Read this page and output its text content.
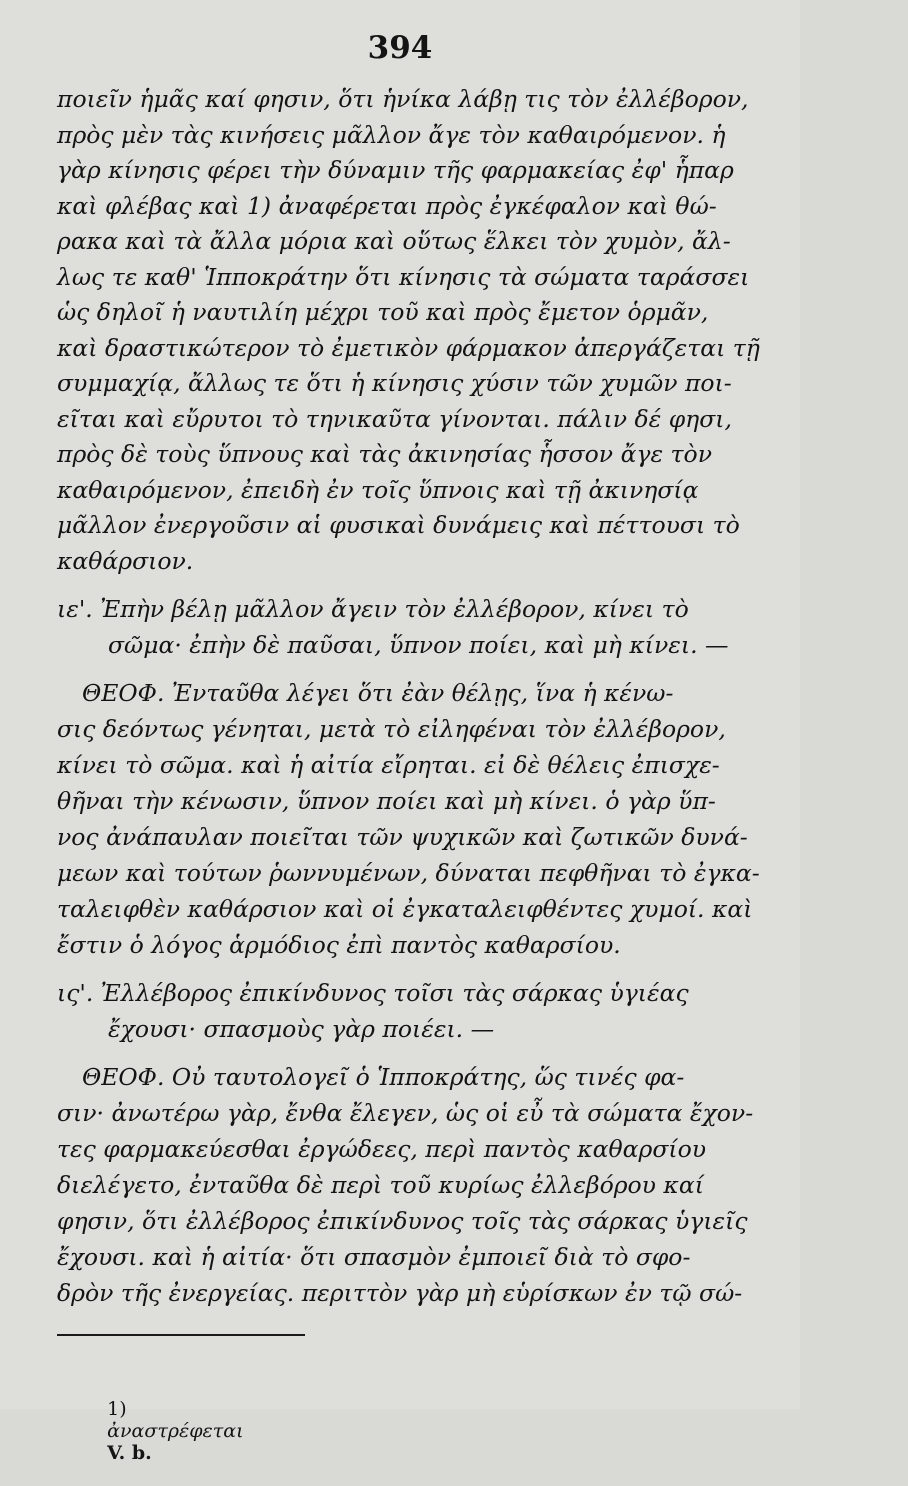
394
ποιεῖν ἡμᾶς καί φησιν, ὅτι ἡνίκα λάβῃ τις τὸν ἐλλέβορον,
πρὸς μὲν τὰς κινήσεις μᾶλλον ἄγε τὸν καθαιρόμενον. ἡ
γὰρ κίνησις φέρει τὴν δύναμιν τῆς φαρμακείας ἐφ' ἧπαρ
καὶ φλέβας καὶ 1) ἀναφέρεται πρὸς ἐγκέφαλον καὶ θώ-
ρακα καὶ τὰ ἄλλα μόρια καὶ οὕτως ἕλκει τὸν χυμὸν, ἄλ-
λως τε καθ' Ἱπποκράτην ὅτι κίνησις τὰ σώματα ταράσσει
ὡς δηλοῖ ἡ ναυτιλίη μέχρι τοῦ καὶ πρὸς ἔμετον ὁρμᾶν,
καὶ δραστικώτερον τὸ ἐμετικὸν φάρμακον ἀπεργάζεται τῇ
συμμαχίᾳ, ἄλλως τε ὅτι ἡ κίνησις χύσιν τῶν χυμῶν ποι-
εῖται καὶ εὔρυτοι τὸ τηνικαῦτα γίνονται. πάλιν δέ φησι,
πρὸς δὲ τοὺς ὕπνους καὶ τὰς ἀκινησίας ἧσσον ἄγε τὸν
καθαιρόμενον, ἐπειδὴ ἐν τοῖς ὕπνοις καὶ τῇ ἀκινησίᾳ
μᾶλλον ἐνεργοῦσιν αἱ φυσικαὶ δυνάμεις καὶ πέττουσι τὸ
καθάρσιον.
ιε'. Ἐπὴν βέλῃ μᾶλλον ἄγειν τὸν ἐλλέβορον, κίνει τὸ
σῶμα· ἐπὴν δὲ παῦσαι, ὕπνον ποίει, καὶ μὴ κίνει. —
ΘΕΟΦ. Ἐνταῦθα λέγει ὅτι ἐὰν θέλῃς, ἵνα ἡ κένω-
σις δεόντως γένηται, μετὰ τὸ εἰληφέναι τὸν ἐλλέβορον,
κίνει τὸ σῶμα. καὶ ἡ αἰτία εἴρηται. εἰ δὲ θέλεις ἐπισχε-
θῆναι τὴν κένωσιν, ὕπνον ποίει καὶ μὴ κίνει. ὁ γὰρ ὕπ-
νος ἀνάπαυλαν ποιεῖται τῶν ψυχικῶν καὶ ζωτικῶν δυνά-
μεων καὶ τούτων ῥωννυμένων, δύναται πεφθῆναι τὸ ἐγκα-
ταλειφθὲν καθάρσιον καὶ οἱ ἐγκαταλειφθέντες χυμοί. καὶ
ἔστιν ὁ λόγος ἁρμόδιος ἐπὶ παντὸς καθαρσίου.
ις'. Ἐλλέβορος ἐπικίνδυνος τοῖσι τὰς σάρκας ὑγιέας
ἔχουσι· σπασμοὺς γὰρ ποιέει. —
ΘΕΟΦ. Οὐ ταυτολογεῖ ὁ Ἱπποκράτης, ὥς τινές φα-
σιν· ἀνωτέρω γὰρ, ἔνθα ἔλεγεν, ὡς οἱ εὖ τὰ σώματα ἔχον-
τες φαρμακεύεσθαι ἐργώδεες, περὶ παντὸς καθαρσίου
διελέγετο, ἐνταῦθα δὲ περὶ τοῦ κυρίως ἐλλεβόρου καί
φησιν, ὅτι ἐλλέβορος ἐπικίνδυνος τοῖς τὰς σάρκας ὑγιεῖς
ἔχουσι. καὶ ἡ αἰτία· ὅτι σπασμὸν ἐμποιεῖ διὰ τὸ σφο-
δρὸν τῆς ἐνεργείας. περιττὸν γὰρ μὴ εὑρίσκων ἐν τῷ σώ-

1)
ἀναστρέφεται
V. b.
